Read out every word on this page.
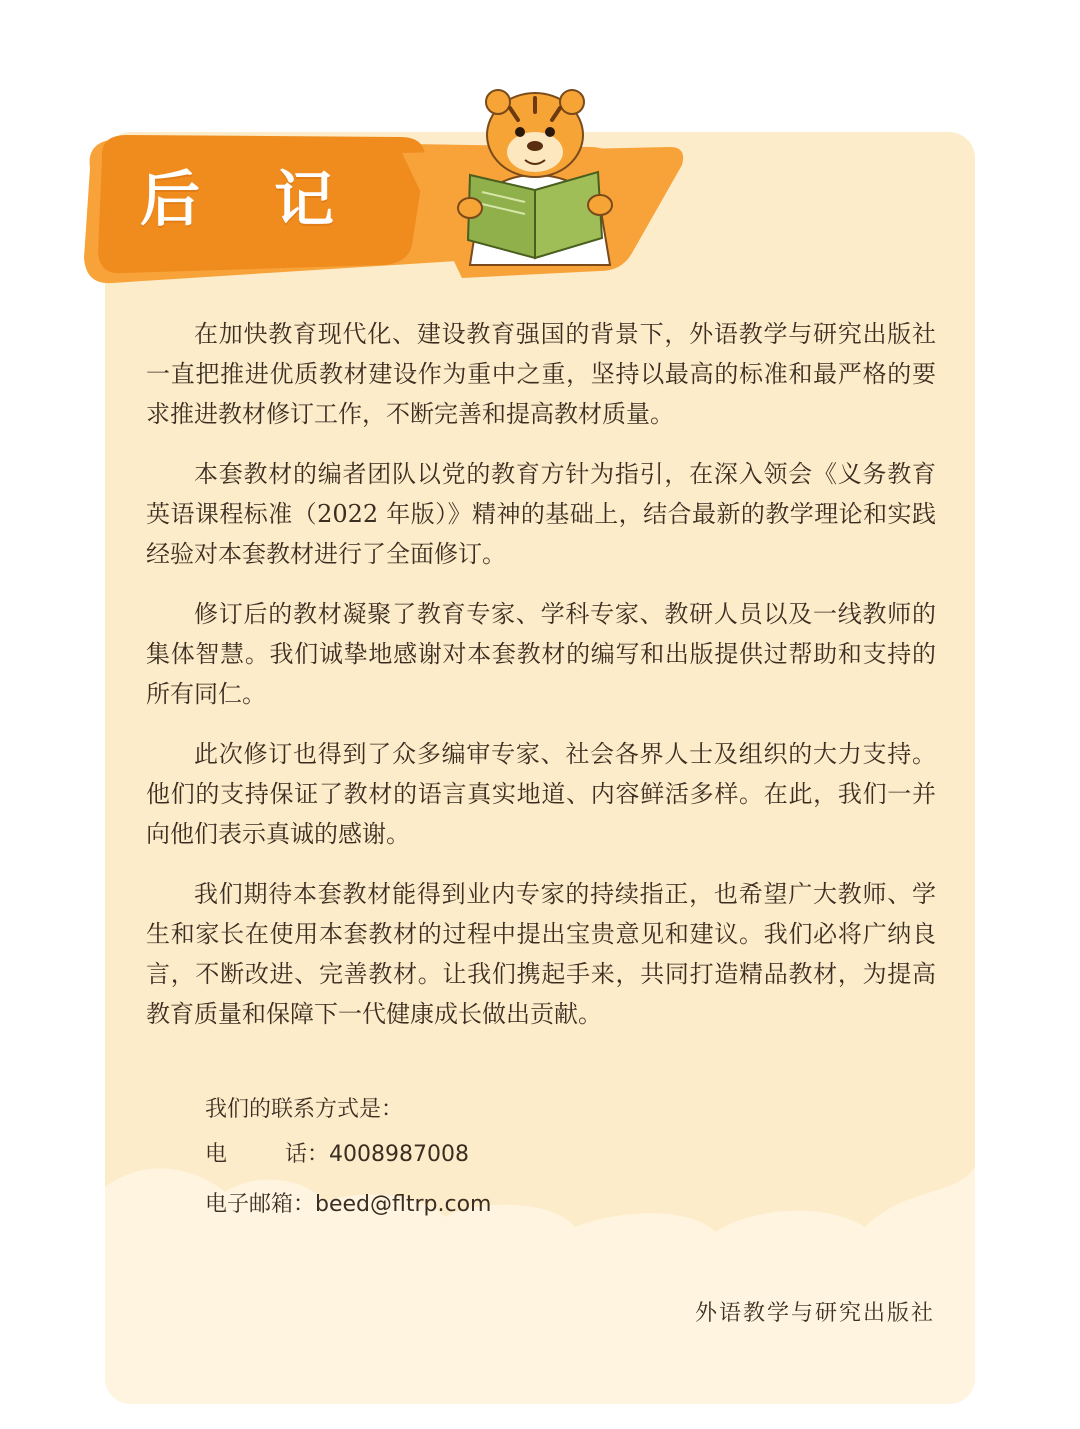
后记

在加快教育现代化、建设教育强国的背景下，外语教学与研究出版社一直把推进优质教材建设作为重中之重，坚持以最高的标准和最严格的要求推进教材修订工作，不断完善和提高教材质量。

本套教材的编者团队以党的教育方针为指引，在深入领会《义务教育英语课程标准（2022 年版）》精神的基础上，结合最新的教学理论和实践经验对本套教材进行了全面修订。

修订后的教材凝聚了教育专家、学科专家、教研人员以及一线教师的集体智慧。我们诚挚地感谢对本套教材的编写和出版提供过帮助和支持的所有同仁。

此次修订也得到了众多编审专家、社会各界人士及组织的大力支持。他们的支持保证了教材的语言真实地道、内容鲜活多样。在此，我们一并向他们表示真诚的感谢。

我们期待本套教材能得到业内专家的持续指正，也希望广大教师、学生和家长在使用本套教材的过程中提出宝贵意见和建议。我们必将广纳良言，不断改进、完善教材。让我们携起手来，共同打造精品教材，为提高教育质量和保障下一代健康成长做出贡献。

我们的联系方式是：
电	话：4008987008
电子邮箱：beed@fltrp.com
外语教学与研究出版社
